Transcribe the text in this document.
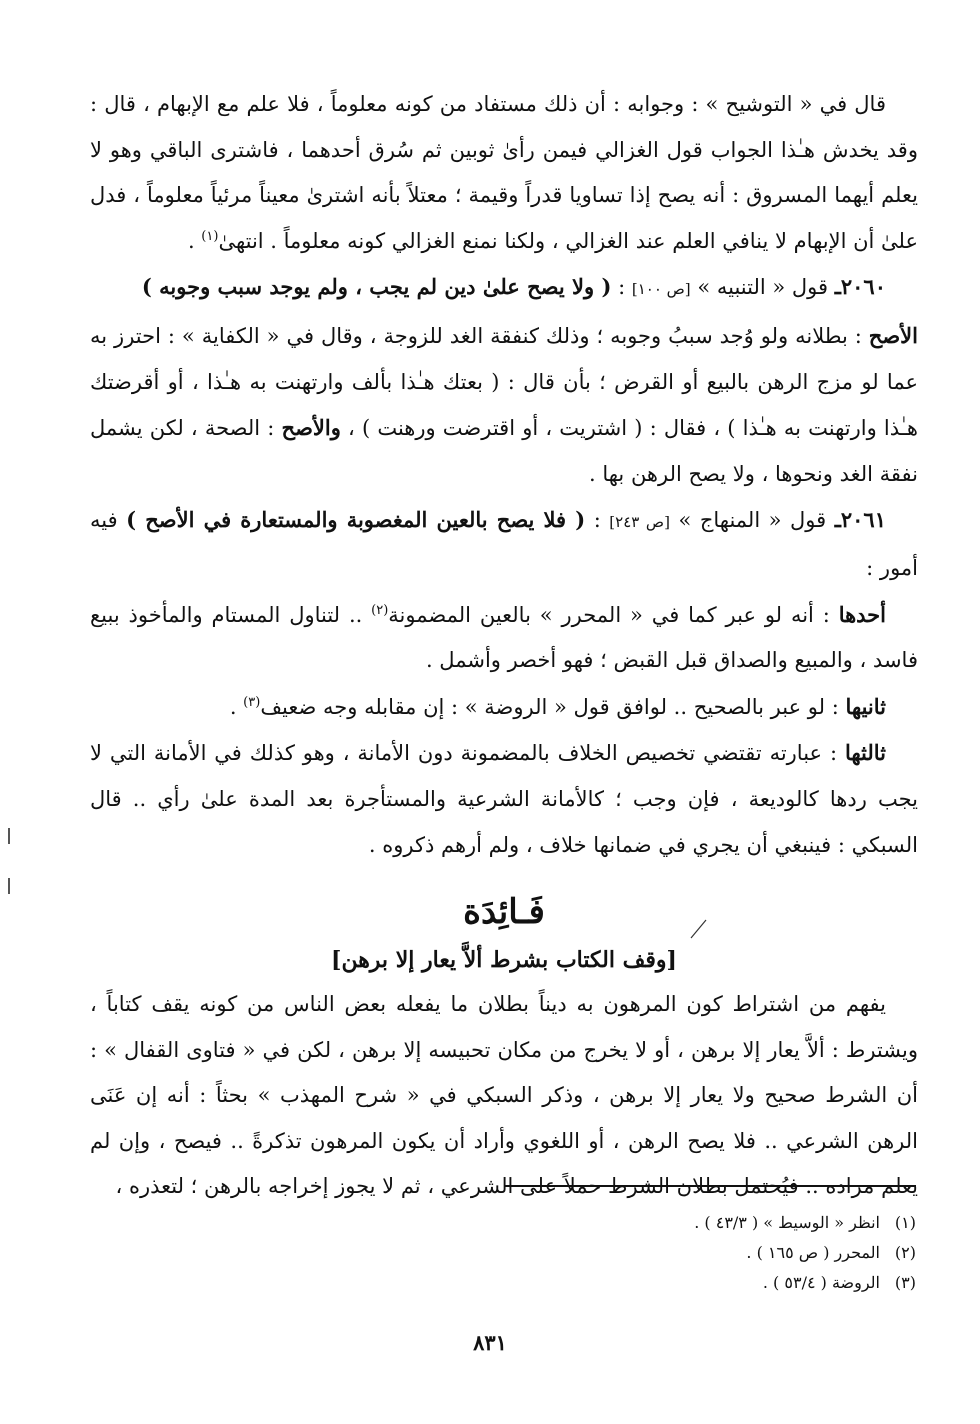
قال في « التوشيح » : وجوابه : أن ذلك مستفاد من كونه معلوماً ، فلا علم مع الإبهام ، قال : وقد يخدش هـٰذا الجواب قول الغزالي فيمن رأىٰ ثوبين ثم سُرق أحدهما ، فاشترى الباقي وهو لا يعلم أيهما المسروق : أنه يصح إذا تساويا قدراً وقيمة ؛ معتلاً بأنه اشترىٰ معيناً مرئياً معلوماً ، فدل علىٰ أن الإبهام لا ينافي العلم عند الغزالي ، ولكنا نمنع الغزالي كونه معلوماً . انتهىٰ$^{(١)}$ .

٢٠٦٠ـ قول « التنبيه » [ص ١٠٠] : ( ولا يصح علىٰ دين لم يجب ، ولم يوجد سبب وجوبه )

الأصح : بطلانه ولو وُجد سببُ وجوبه ؛ وذلك كنفقة الغد للزوجة ، وقال في « الكفاية » : احترز به عما لو مزج الرهن بالبيع أو القرض ؛ بأن قال : ( بعتك هـٰذا بألف وارتهنت به هـٰذا ، أو أقرضتك هـٰذا وارتهنت به هـٰذا ) ، فقال : ( اشتريت ، أو اقترضت ورهنت ) ، والأصح : الصحة ، لكن يشمل نفقة الغد ونحوها ، ولا يصح الرهن بها .

٢٠٦١ـ قول « المنهاج » [ص ٢٤٣] : ( فلا يصح بالعين المغصوبة والمستعارة في الأصح ) فيه أمور :

أحدها : أنه لو عبر كما في « المحرر » بالعين المضمونة$^{(٢)}$ .. لتناول المستام والمأخوذ ببيع فاسد ، والمبيع والصداق قبل القبض ؛ فهو أخصر وأشمل .

ثانيها : لو عبر بالصحيح .. لوافق قول « الروضة » : إن مقابله وجه ضعيف$^{(٣)}$ .

ثالثها : عبارته تقتضي تخصيص الخلاف بالمضمونة دون الأمانة ، وهو كذلك في الأمانة التي لا يجب ردها كالوديعة ، فإن وجب ؛ كالأمانة الشرعية والمستأجرة بعد المدة علىٰ رأي .. قال السبكي : فينبغي أن يجري في ضمانها خلاف ، ولم أرهم ذكروه .

فَـائِدَة
[وقف الكتاب بشرط ألاَّ يعار إلا برهن]

يفهم من اشتراط كون المرهون به ديناً بطلان ما يفعله بعض الناس من كونه يقف كتاباً ، ويشترط : ألاَّ يعار إلا برهن ، أو لا يخرج من مكان تحبيسه إلا برهن ، لكن في « فتاوى القفال » : أن الشرط صحيح ولا يعار إلا برهن ، وذكر السبكي في « شرح المهذب » بحثاً : أنه إن عَنَى الرهن الشرعي .. فلا يصح الرهن ، أو اللغوي وأراد أن يكون المرهون تذكرةً .. فيصح ، وإن لم يعلم مراده .. فيُحتمل بطلان الشرط حملاً على الشرعي ، ثم لا يجوز إخراجه بالرهن ؛ لتعذره ،

(١)انظر « الوسيط » ( ٤٣/٣ ) .
(٢)المحرر ( ص ١٦٥ ) .
(٣)الروضة ( ٥٣/٤ ) .
٨٣١
